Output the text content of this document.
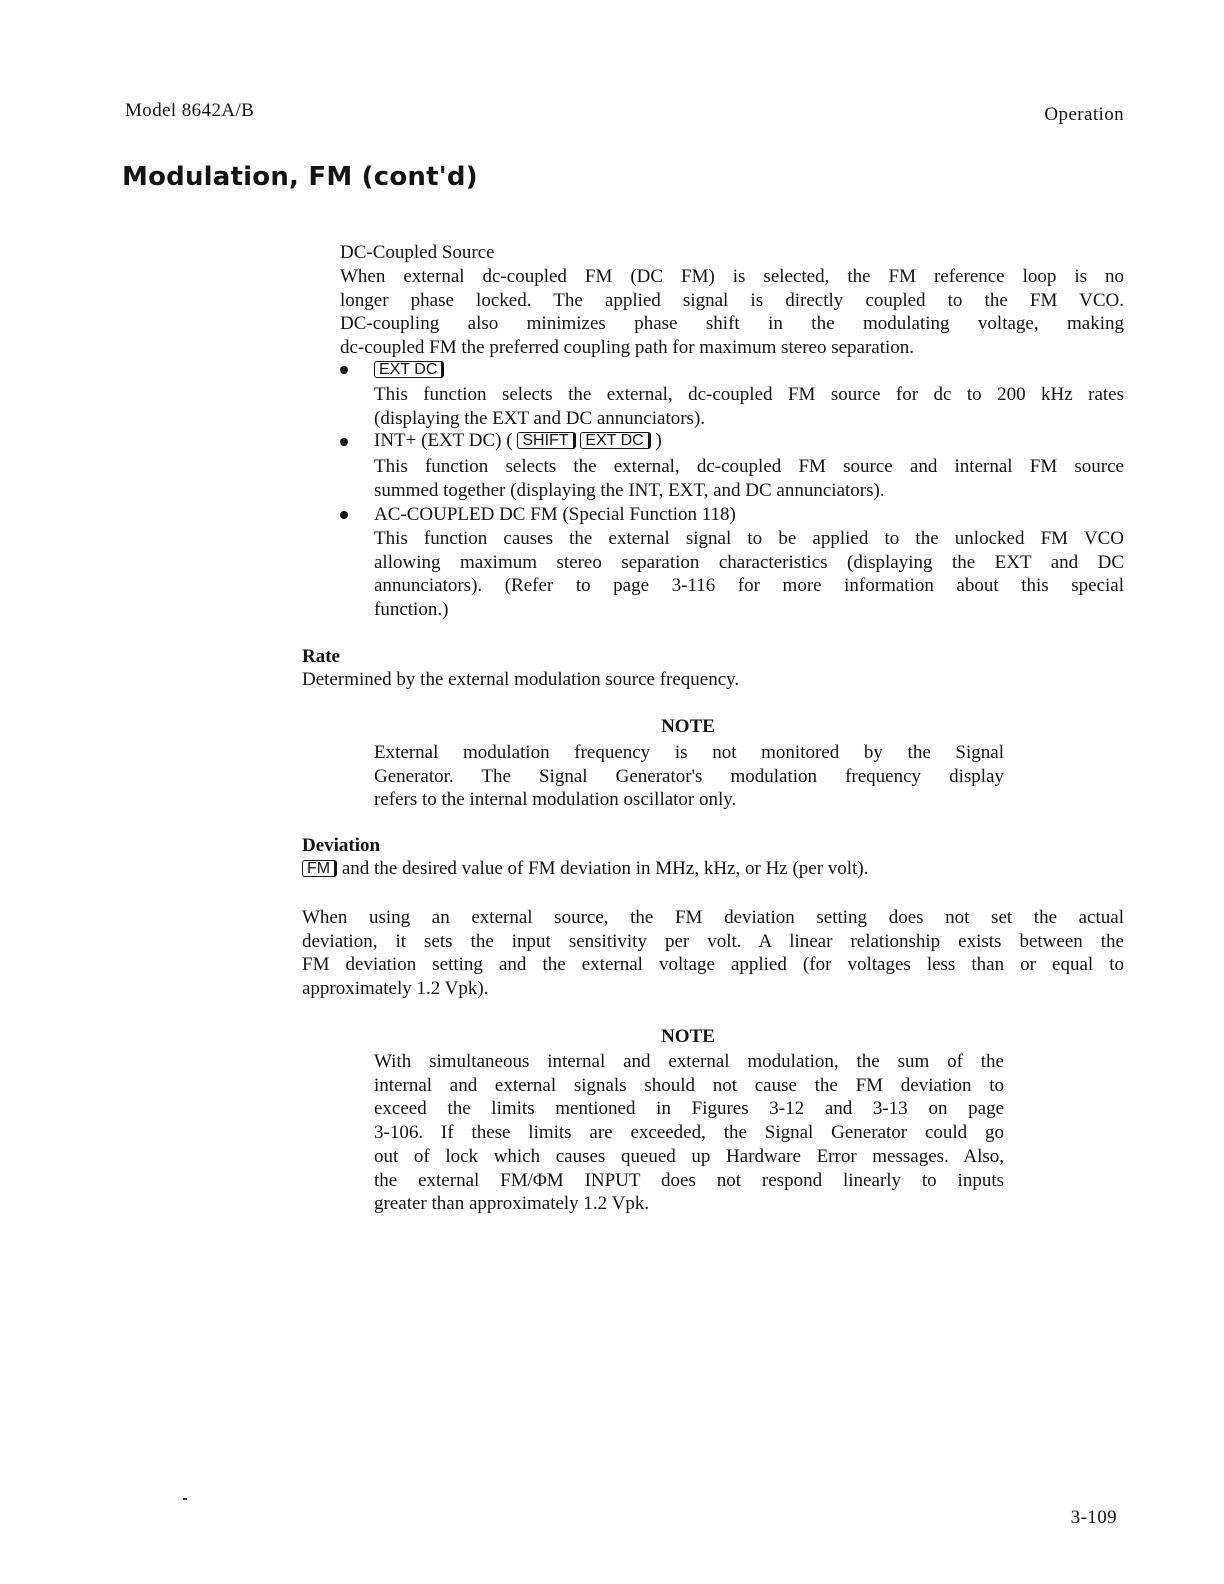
Model 8642A/B	Operation
Modulation, FM (cont'd)
DC-Coupled Source
When external dc-coupled FM (DC FM) is selected, the FM reference loop is no
longer phase locked. The applied signal is directly coupled to the FM VCO.
DC-coupling also minimizes phase shift in the modulating voltage, making
dc-coupled FM the preferred coupling path for maximum stereo separation.
EXT DC
This function selects the external, dc-coupled FM source for dc to 200 kHz rates
(displaying the EXT and DC annunciators).
INT+ (EXT DC) ( SHIFT EXT DC )
This function selects the external, dc-coupled FM source and internal FM source
summed together (displaying the INT, EXT, and DC annunciators).
AC-COUPLED DC FM (Special Function 118)
This function causes the external signal to be applied to the unlocked FM VCO
allowing maximum stereo separation characteristics (displaying the EXT and DC
annunciators). (Refer to page 3-116 for more information about this special
function.)
Rate
Determined by the external modulation source frequency.
NOTE
External modulation frequency is not monitored by the Signal
Generator. The Signal Generator's modulation frequency display
refers to the internal modulation oscillator only.
Deviation
FM and the desired value of FM deviation in MHz, kHz, or Hz (per volt).
When using an external source, the FM deviation setting does not set the actual
deviation, it sets the input sensitivity per volt. A linear relationship exists between the
FM deviation setting and the external voltage applied (for voltages less than or equal to
approximately 1.2 Vpk).
NOTE
With simultaneous internal and external modulation, the sum of the
internal and external signals should not cause the FM deviation to
exceed the limits mentioned in Figures 3-12 and 3-13 on page
3-106. If these limits are exceeded, the Signal Generator could go
out of lock which causes queued up Hardware Error messages. Also,
the external FM/ΦM INPUT does not respond linearly to inputs
greater than approximately 1.2 Vpk.
3-109
